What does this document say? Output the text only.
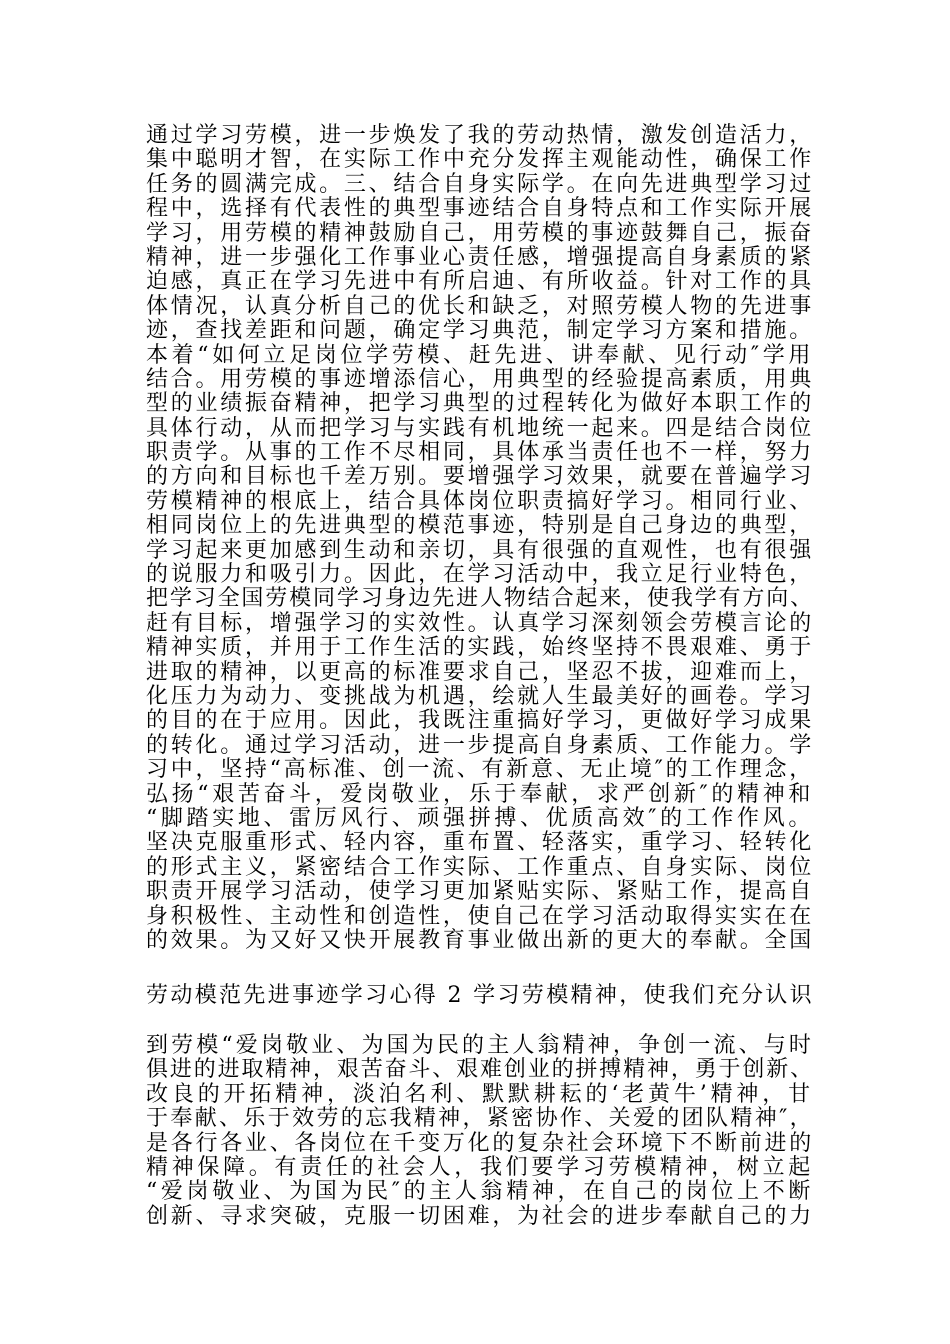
通过学习劳模，进一步焕发了我的劳动热情，激发创造活力，
集中聪明才智，在实际工作中充分发挥主观能动性，确保工作
任务的圆满完成。三、结合自身实际学。在向先进典型学习过
程中，选择有代表性的典型事迹结合自身特点和工作实际开展
学习，用劳模的精神鼓励自己，用劳模的事迹鼓舞自己，振奋
精神，进一步强化工作事业心责任感，增强提高自身素质的紧
迫感，真正在学习先进中有所启迪、有所收益。针对工作的具
体情况，认真分析自己的优长和缺乏，对照劳模人物的先进事
迹，查找差距和问题，确定学习典范，制定学习方案和措施。
本着“如何立足岗位学劳模、赶先进、讲奉献、见行动″学用
结合。用劳模的事迹增添信心，用典型的经验提高素质，用典
型的业绩振奋精神，把学习典型的过程转化为做好本职工作的
具体行动，从而把学习与实践有机地统一起来。四是结合岗位
职责学。从事的工作不尽相同，具体承当责任也不一样，努力
的方向和目标也千差万别。要增强学习效果，就要在普遍学习
劳模精神的根底上，结合具体岗位职责搞好学习。相同行业、
相同岗位上的先进典型的模范事迹，特别是自己身边的典型，
学习起来更加感到生动和亲切，具有很强的直观性，也有很强
的说服力和吸引力。因此，在学习活动中，我立足行业特色，
把学习全国劳模同学习身边先进人物结合起来，使我学有方向、
赶有目标，增强学习的实效性。认真学习深刻领会劳模言论的
精神实质，并用于工作生活的实践，始终坚持不畏艰难、勇于
进取的精神，以更高的标准要求自己，坚忍不拔，迎难而上，
化压力为动力、变挑战为机遇，绘就人生最美好的画卷。学习
的目的在于应用。因此，我既注重搞好学习，更做好学习成果
的转化。通过学习活动，进一步提高自身素质、工作能力。学
习中，坚持“高标准、创一流、有新意、无止境″的工作理念，
弘扬“艰苦奋斗，爱岗敬业，乐于奉献，求严创新″的精神和
“脚踏实地、雷厉风行、顽强拼搏、优质高效″的工作作风。
坚决克服重形式、轻内容，重布置、轻落实，重学习、轻转化
的形式主义，紧密结合工作实际、工作重点、自身实际、岗位
职责开展学习活动，使学习更加紧贴实际、紧贴工作，提高自
身积极性、主动性和创造性，使自己在学习活动取得实实在在
的效果。为又好又快开展教育事业做出新的更大的奉献。全国
劳动模范先进事迹学习心得 2 学习劳模精神，使我们充分认识
到劳模“爱岗敬业、为国为民的主人翁精神，争创一流、与时
俱进的进取精神，艰苦奋斗、艰难创业的拼搏精神，勇于创新、
改良的开拓精神，淡泊名利、默默耕耘的‘老黄牛’精神，甘
于奉献、乐于效劳的忘我精神，紧密协作、关爱的团队精神″，
是各行各业、各岗位在千变万化的复杂社会环境下不断前进的
精神保障。有责任的社会人，我们要学习劳模精神，树立起
“爱岗敬业、为国为民″的主人翁精神，在自己的岗位上不断
创新、寻求突破，克服一切困难，为社会的进步奉献自己的力
